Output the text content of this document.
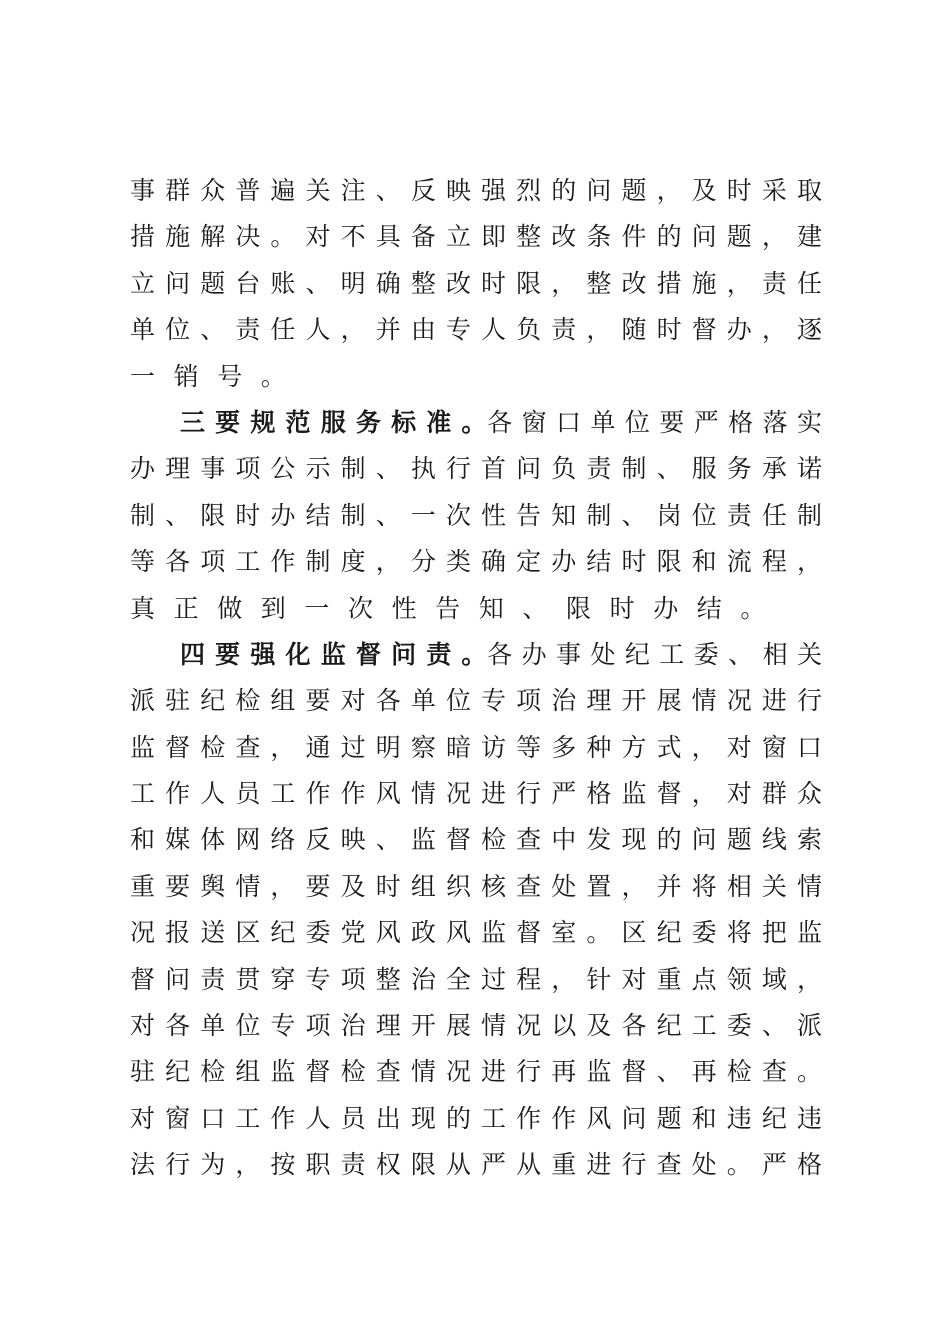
事 群 众 普 遍 关 注 、 反 映 强 烈 的 问 题 ， 及 时 采 取
措 施 解 决 。 对 不 具 备 立 即 整 改 条 件 的 问 题 ， 建
立 问 题 台 账 、 明 确 整 改 时 限 ， 整 改 措 施 ， 责 任
单 位 、 责 任 人 ， 并 由 专 人 负 责 ， 随 时 督 办 ， 逐
一销号。
三 要 规 范 服 务 标 准 。各 窗 口 单 位 要 严 格 落 实
办 理 事 项 公 示 制 、 执 行 首 问 负 责 制 、 服 务 承 诺
制 、 限 时 办 结 制 、 一 次 性 告 知 制 、 岗 位 责 任 制
等 各 项 工 作 制 度 ， 分 类 确 定 办 结 时 限 和 流 程 ，
真正做到一次性告知、限时办结。
四 要 强 化 监 督 问 责 。各 办 事 处 纪 工 委 、 相 关
派 驻 纪 检 组 要 对 各 单 位 专 项 治 理 开 展 情 况 进 行
监 督 检 查 ， 通 过 明 察 暗 访 等 多 种 方 式 ， 对 窗 口
工 作 人 员 工 作 作 风 情 况 进 行 严 格 监 督 ， 对 群 众
和 媒 体 网 络 反 映 、 监 督 检 查 中 发 现 的 问 题 线 索
重 要 舆 情 ， 要 及 时 组 织 核 查 处 置 ， 并 将 相 关 情
况 报 送 区 纪 委 党 风 政 风 监 督 室 。 区 纪 委 将 把 监
督 问 责 贯 穿 专 项 整 治 全 过 程 ， 针 对 重 点 领 域 ，
对 各 单 位 专 项 治 理 开 展 情 况 以 及 各 纪 工 委 、 派
驻 纪 检 组 监 督 检 查 情 况 进 行 再 监 督 、 再 检 查 。
对 窗 口 工 作 人 员 出 现 的 工 作 作 风 问 题 和 违 纪 违
法 行 为 ， 按 职 责 权 限 从 严 从 重 进 行 查 处 。 严 格
